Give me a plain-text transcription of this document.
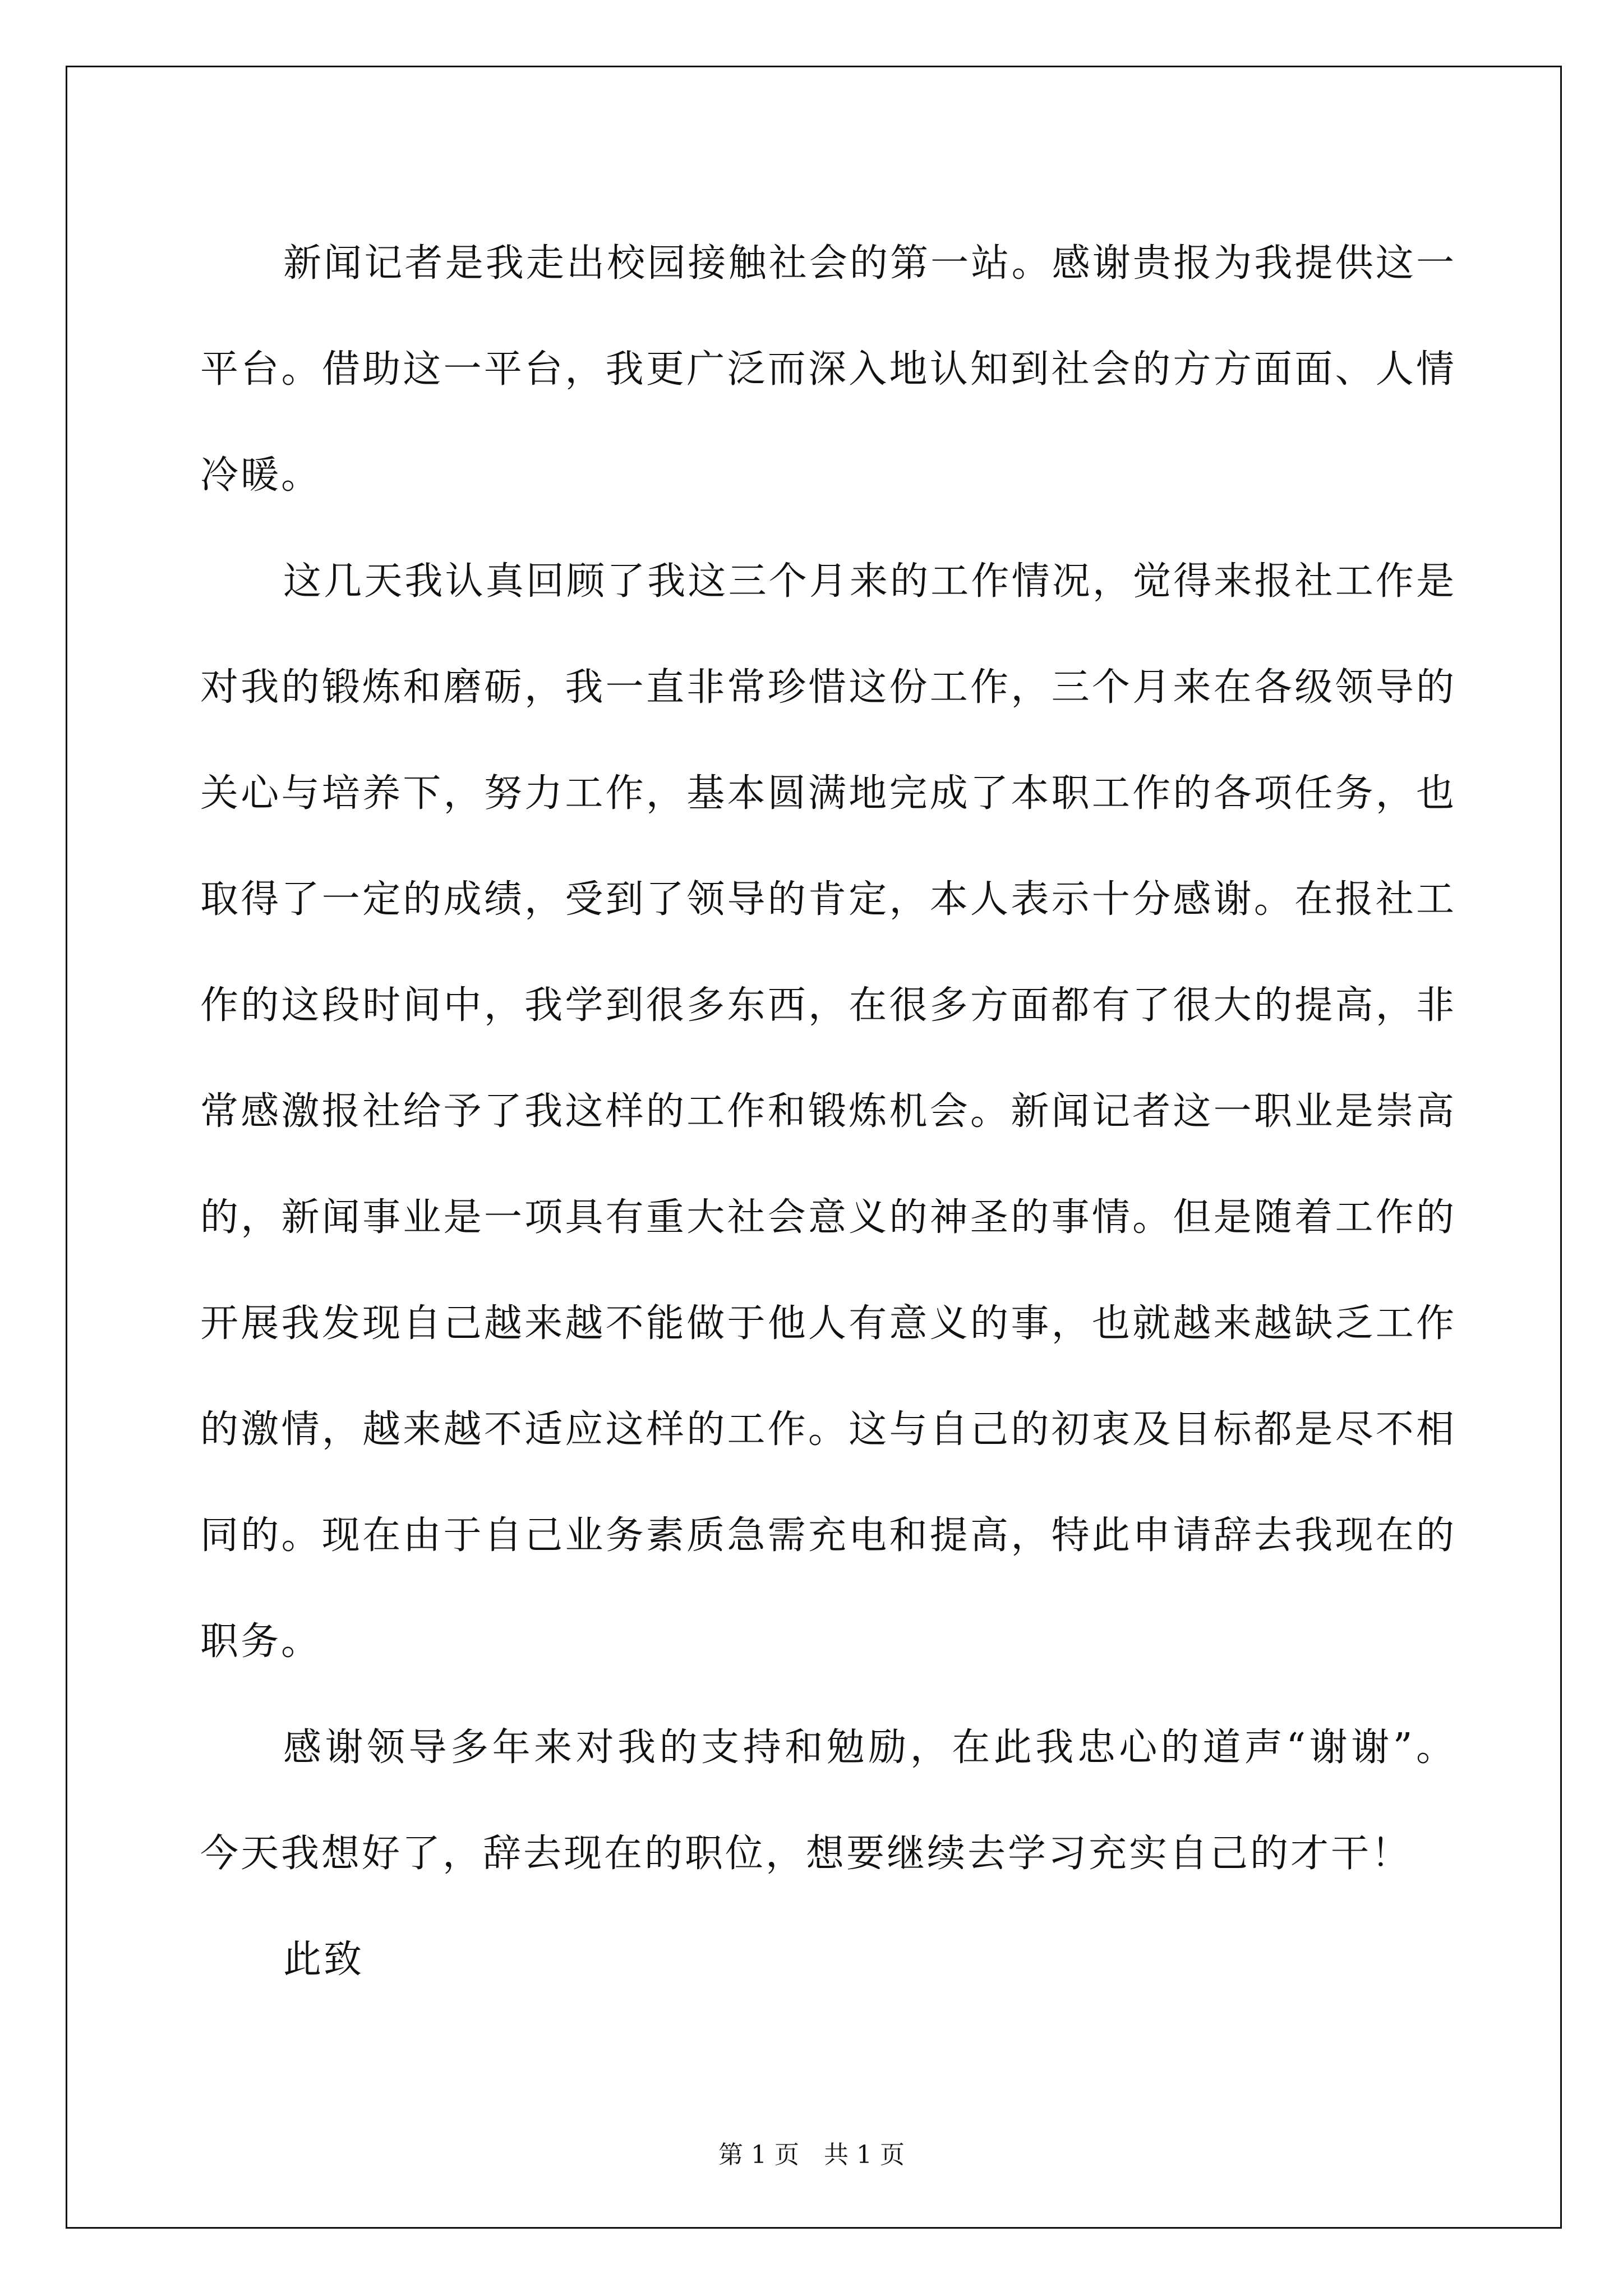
新闻记者是我走出校园接触社会的第一站。感谢贵报为我提供这一平台。借助这一平台，我更广泛而深入地认知到社会的方方面面、人情冷暖。

这几天我认真回顾了我这三个月来的工作情况，觉得来报社工作是对我的锻炼和磨砺，我一直非常珍惜这份工作，三个月来在各级领导的关心与培养下，努力工作，基本圆满地完成了本职工作的各项任务，也取得了一定的成绩，受到了领导的肯定，本人表示十分感谢。在报社工作的这段时间中，我学到很多东西，在很多方面都有了很大的提高，非常感激报社给予了我这样的工作和锻炼机会。新闻记者这一职业是崇高的，新闻事业是一项具有重大社会意义的神圣的事情。但是随着工作的开展我发现自己越来越不能做于他人有意义的事，也就越来越缺乏工作的激情，越来越不适应这样的工作。这与自己的初衷及目标都是尽不相同的。现在由于自己业务素质急需充电和提高，特此申请辞去我现在的职务。

感谢领导多年来对我的支持和勉励，在此我忠心的道声“谢谢”。今天我想好了，辞去现在的职位，想要继续去学习充实自己的才干！

此致

第 1 页　共 1 页
